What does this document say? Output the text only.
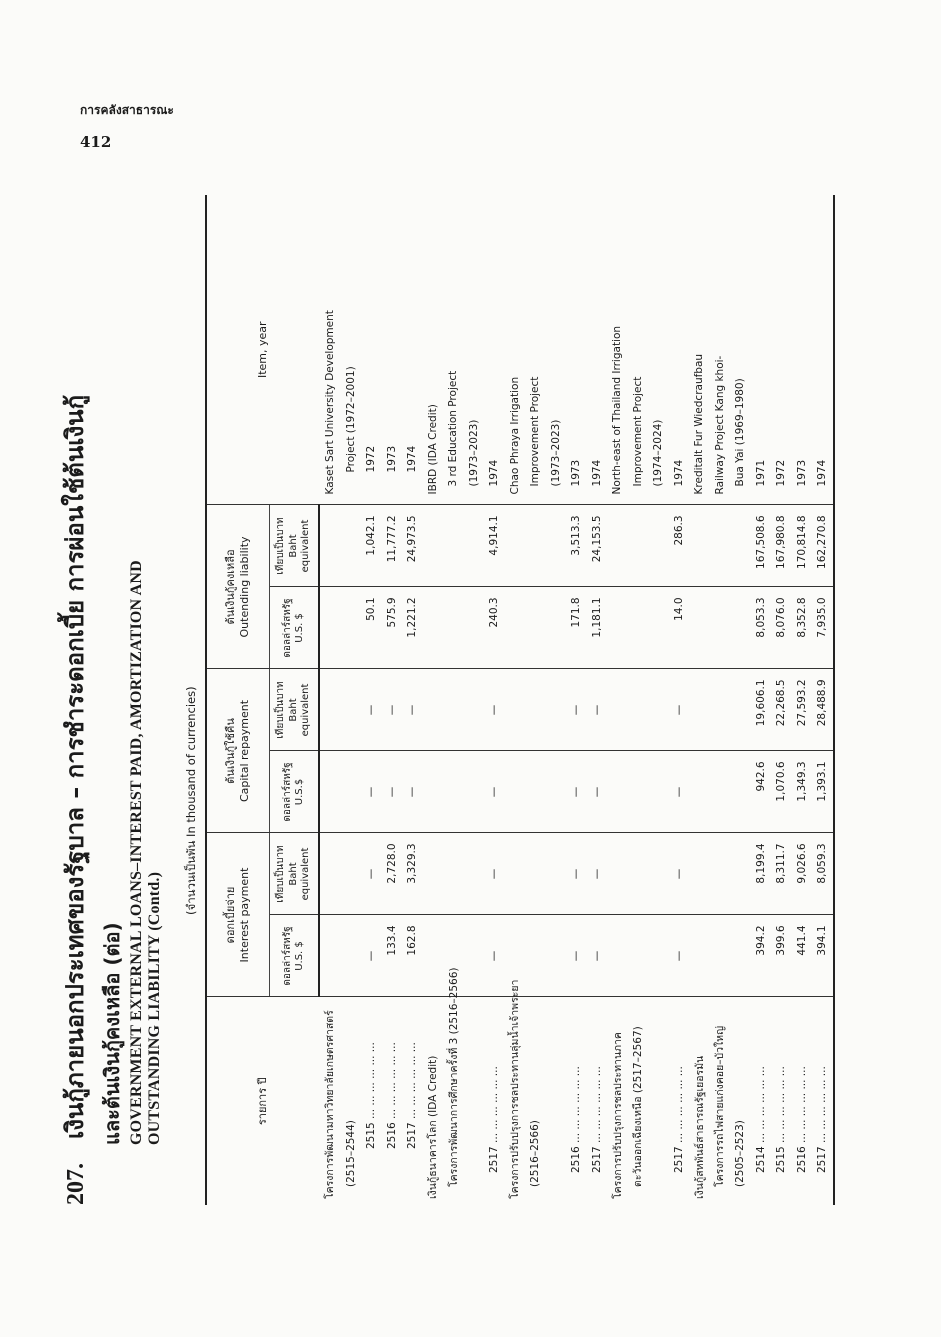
การคลังสาธารณะ
412
207.เงินกู้ภายนอกประเทศของรัฐบาล – การชำระดอกเบี้ย การผ่อนใช้ต้นเงินกู้ และต้นเงินกู้คงเหลือ (ต่อ) GOVERNMENT EXTERNAL LOANS–INTEREST PAID, AMORTIZATION AND OUTSTANDING LIABILITY (Contd.)
(จำนวนเป็นพัน In thousand of currencies)
รายการ ปี	ดอกเบี้ยจ่าย
Interest payment		ต้นเงินกู้ใช้คืน
Capital repayment		ต้นเงินกู้คงเหลือ
Outending liability		Item, year
	ดอลล่าร์สหรัฐ
U.S. $	เทียบเป็นบาท
Baht
equivalent	ดอลล่าร์สหรัฐ
U.S.$	เทียบเป็นบาท
Baht
equivalent	ดอลล่าร์สหรัฐ
U.S. $	เทียบเป็นบาท
Baht
equivalent	
โครงการพัฒนามหาวิทยาลัยเกษตรศาสตร์							Kaset Sart University Development
(2515–2544)							Project (1972–2001)
2515 ... ... ... ... ... ...	—	—	—	—	50.1	1,042.1	1972
2516 ... ... ... ... ... ...	133.4	2,728.0	—	—	575.9	11,777.2	1973
2517 ... ... ... ... ... ...	162.8	3,329.3	—	—	1,221.2	24,973.5	1974
เงินกู้ธนาคารโลก (IDA Credit)							IBRD (IDA Credit)
โครงการพัฒนาการศึกษาครั้งที่ 3 (2516–2566)							3 rd Education Project
							(1973–2023)
2517 ... ... ... ... ... ...	—	—	—	—	240.3	4,914.1	1974
โครงการปรับปรุงการชลประทานลุ่มน้ำเจ้าพระยา							Chao Phraya Irrigation
(2516–2566)							Improvement Project
							(1973–2023)
2516 ... ... ... ... ... ...	—	—	—	—	171.8	3,513.3	1973
2517 ... ... ... ... ... ...	—	—	—	—	1,181.1	24,153.5	1974
โครงการปรับปรุงการชลประทานภาค							North-east of Thailand Irrigation
ตะวันออกเฉียงเหนือ (2517–2567)							Improvement Project
							(1974–2024)
2517 ... ... ... ... ... ...	—	—	—	—	14.0	286.3	1974
เงินกู้สหพันธ์สาธารณรัฐเยอรมัน							Kreditalt Fur Wiedcraufbau
โครงการรถไฟสายแก่งคอย–บัวใหญ่							Railway Project Kang khoi-
(2505–2523)							Bua Yai (1969–1980)
2514 ... ... ... ... ... ...	394.2	8,199.4	942.6	19,606.1	8,053.3	167,508.6	1971
2515 ... ... ... ... ... ...	399.6	8,311.7	1,070.6	22,268.5	8,076.0	167,980.8	1972
2516 ... ... ... ... ... ...	441.4	9,026.6	1,349.3	27,593.2	8,352.8	170,814.8	1973
2517 ... ... ... ... ... ...	394.1	8,059.3	1,393.1	28,488.9	7,935.0	162,270.8	1974
